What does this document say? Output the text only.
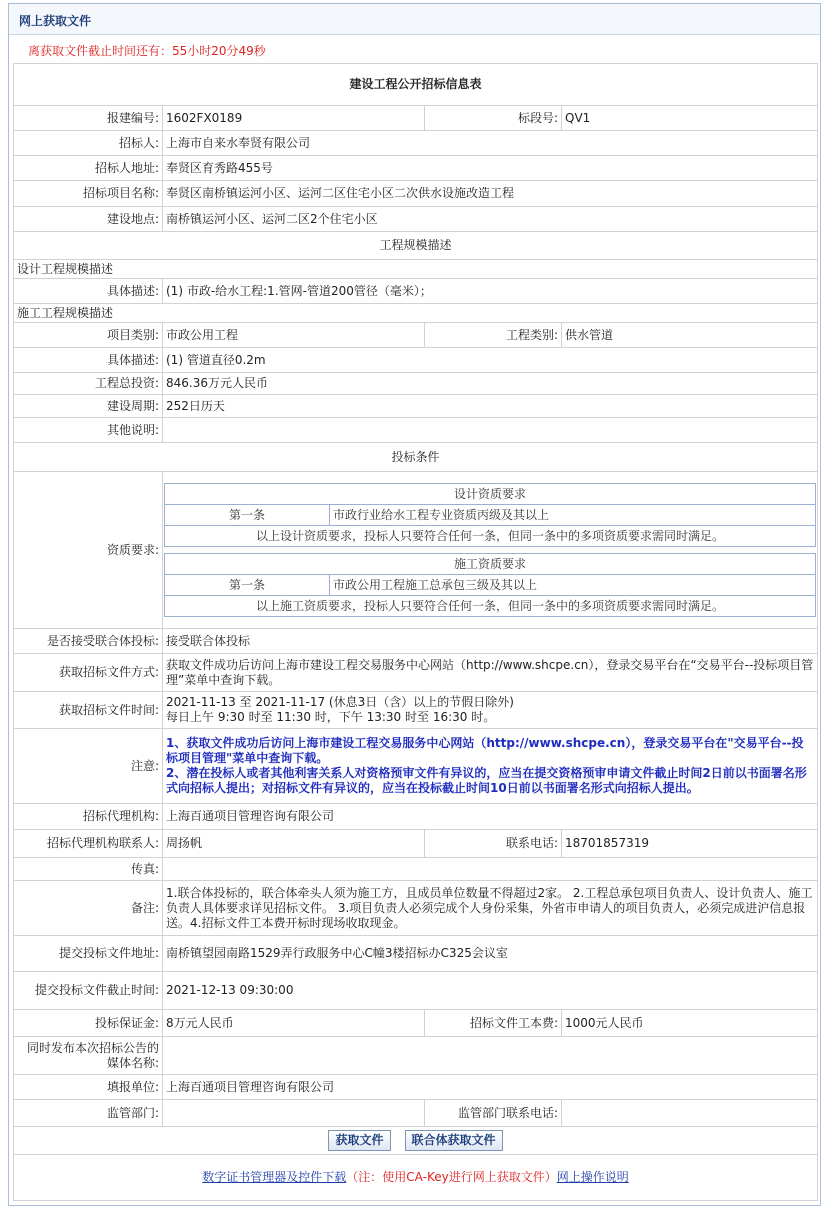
网上获取文件
离获取文件截止时间还有：55小时20分49秒
建设工程公开招标信息表
报建编号:	1602FX0189	标段号:	QV1
招标人:	上海市自来水奉贤有限公司
招标人地址:	奉贤区育秀路455号
招标项目名称:	奉贤区南桥镇运河小区、运河二区住宅小区二次供水设施改造工程
建设地点:	南桥镇运河小区、运河二区2个住宅小区
工程规模描述
设计工程规模描述
具体描述:	(1) 市政-给水工程:1.管网-管道200管径（毫米）；
施工工程规模描述
项目类别:	市政公用工程	工程类别:	供水管道
具体描述:	(1) 管道直径0.2m
工程总投资:	846.36万元人民币
建设周期:	252日历天
其他说明:	
投标条件
资质要求:	
设计资质要求
第一条	市政行业给水工程专业资质丙级及其以上
以上设计资质要求，投标人只要符合任何一条，但同一条中的多项资质要求需同时满足。
施工资质要求
第一条	市政公用工程施工总承包三级及其以上
以上施工资质要求，投标人只要符合任何一条，但同一条中的多项资质要求需同时满足。

是否接受联合体投标:	接受联合体投标
获取招标文件方式:	获取文件成功后访问上海市建设工程交易服务中心网站（http://www.shcpe.cn），登录交易平台在“交易平台--投标项目管理”菜单中查询下载。
获取招标文件时间:	
2021-11-13 至 2021-11-17 (休息3日（含）以上的节假日除外)
每日上午 9:30 时至 11:30 时，下午 13:30 时至 16:30 时。

注意:	
1、获取文件成功后访问上海市建设工程交易服务中心网站（http://www.shcpe.cn），登录交易平台在"交易平台--投标项目管理"菜单中查询下载。
2、潜在投标人或者其他利害关系人对资格预审文件有异议的，应当在提交资格预审申请文件截止时间2日前以书面署名形式向招标人提出；对招标文件有异议的，应当在投标截止时间10日前以书面署名形式向招标人提出。

招标代理机构:	上海百通项目管理咨询有限公司
招标代理机构联系人:	周扬帆	联系电话:	18701857319
传真:	
备注:	1.联合体投标的，联合体牵头人须为施工方，且成员单位数量不得超过2家。 2.工程总承包项目负责人、设计负责人、施工负责人具体要求详见招标文件。 3.项目负责人必须完成个人身份采集，外省市申请人的项目负责人，必须完成进沪信息报送。4.招标文件工本费开标时现场收取现金。
提交投标文件地址:	南桥镇望园南路1529弄行政服务中心C幢3楼招标办C325会议室
提交投标文件截止时间:	2021-12-13 09:30:00
投标保证金:	8万元人民币	招标文件工本费:	1000元人民币
同时发布本次招标公告的媒体名称:	
填报单位:	上海百通项目管理咨询有限公司
监管部门:		监管部门联系电话:	
获取文件 联合体获取文件
数字证书管理器及控件下载（注：使用CA-Key进行网上获取文件）网上操作说明
